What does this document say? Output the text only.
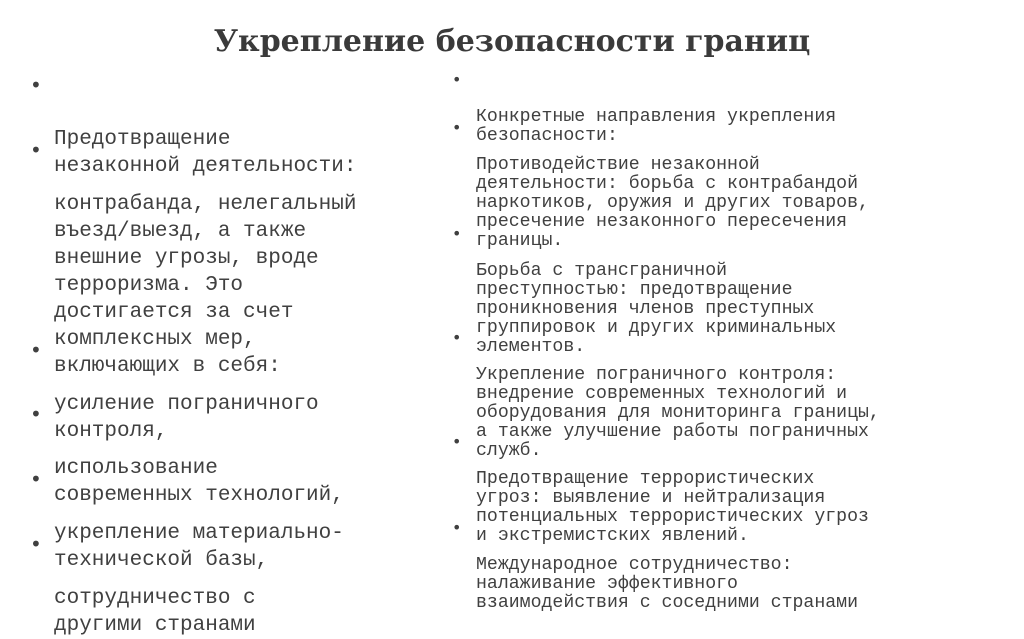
Укрепление безопасности границ

•

Предотвращение
незаконной деятельности:

•

контрабанда, нелегальный
въезд/выезд, а также
внешние угрозы, вроде
терроризма. Это
достигается за счет
комплексных мер,
включающих в себя:

•

усиление пограничного
контроля,

•

использование
современных технологий,

•

укрепление материально-
технической базы,

•

сотрудничество с
другими странами

•

Конкретные направления укрепления
безопасности:

•

Противодействие незаконной
деятельности: борьба с контрабандой
наркотиков, оружия и других товаров,
пресечение незаконного пересечения
границы.

•

Борьба с трансграничной
преступностью: предотвращение
проникновения членов преступных
группировок и других криминальных
элементов.

•

Укрепление пограничного контроля:
внедрение современных технологий и
оборудования для мониторинга границы,
а также улучшение работы пограничных
служб.

•

Предотвращение террористических
угроз: выявление и нейтрализация
потенциальных террористических угроз
и экстремистских явлений.

•

Международное сотрудничество:
налаживание эффективного
взаимодействия с соседними странами
